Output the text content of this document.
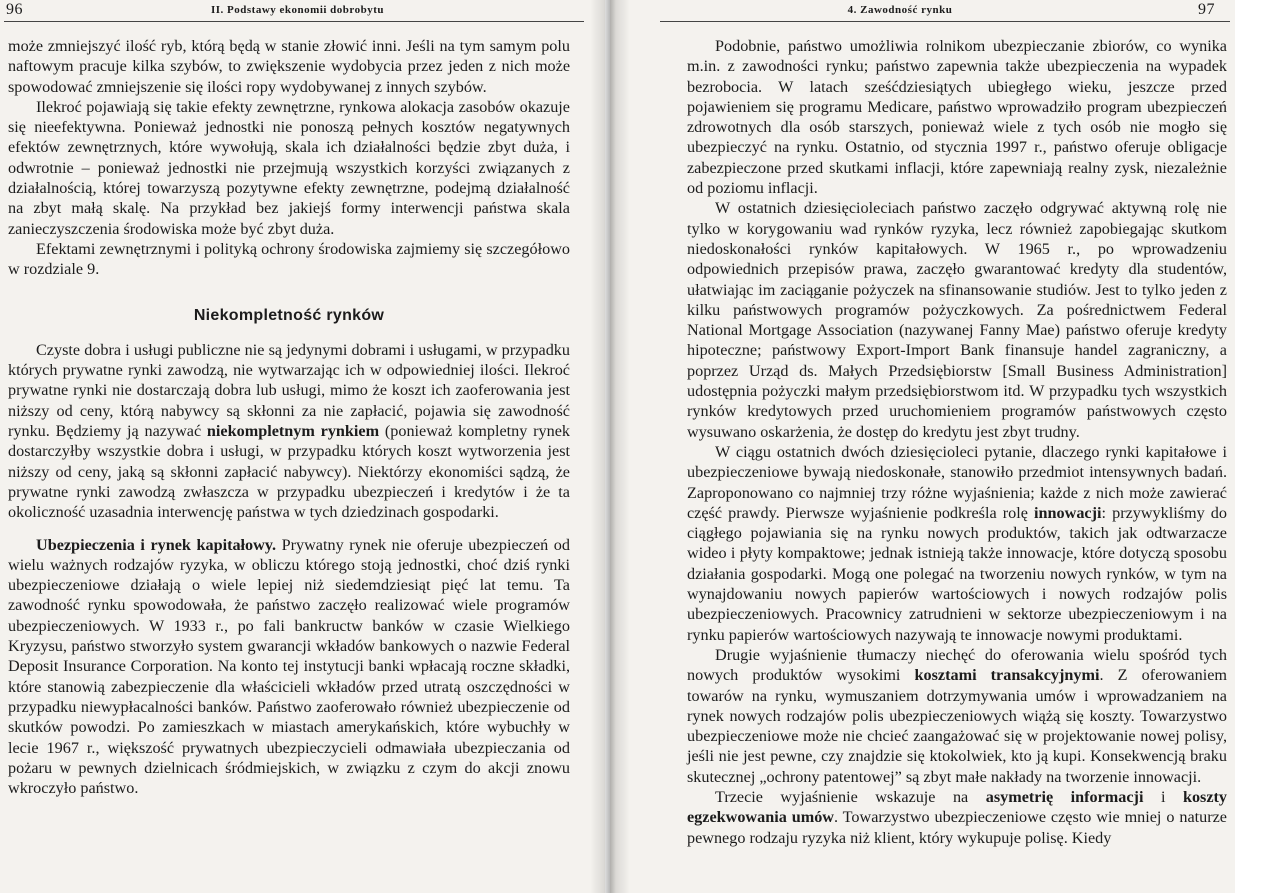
96	II. Podstawy ekonomii dobrobytu

może zmniejszyć ilość ryb, którą będą w stanie złowić inni. Jeśli na tym samym polu naftowym pracuje kilka szybów, to zwiększenie wydobycia przez jeden z nich może spowodować zmniejszenie się ilości ropy wydobywanej z innych szybów.

Ilekroć pojawiają się takie efekty zewnętrzne, rynkowa alokacja zasobów okazuje się nieefektywna. Ponieważ jednostki nie ponoszą pełnych kosztów negatywnych efektów zewnętrznych, które wywołują, skala ich działalności będzie zbyt duża, i odwrotnie – ponieważ jednostki nie przejmują wszystkich korzyści związanych z działalnością, której towarzyszą pozytywne efekty zewnętrzne, podejmą działalność na zbyt małą skalę. Na przykład bez jakiejś formy interwencji państwa skala zanieczyszczenia środowiska może być zbyt duża.

Efektami zewnętrznymi i polityką ochrony środowiska zajmiemy się szczegółowo w rozdziale 9.

Niekompletność rynków

Czyste dobra i usługi publiczne nie są jedynymi dobrami i usługami, w przypadku których prywatne rynki zawodzą, nie wytwarzając ich w odpowiedniej ilości. Ilekroć prywatne rynki nie dostarczają dobra lub usługi, mimo że koszt ich zaoferowania jest niższy od ceny, którą nabywcy są skłonni za nie zapłacić, pojawia się zawodność rynku. Będziemy ją nazywać niekompletnym rynkiem (ponieważ kompletny rynek dostarczyłby wszystkie dobra i usługi, w przypadku których koszt wytworzenia jest niższy od ceny, jaką są skłonni zapłacić nabywcy). Niektórzy ekonomiści sądzą, że prywatne rynki zawodzą zwłaszcza w przypadku ubezpieczeń i kredytów i że ta okoliczność uzasadnia interwencję państwa w tych dziedzinach gospodarki.

Ubezpieczenia i rynek kapitałowy. Prywatny rynek nie oferuje ubezpieczeń od wielu ważnych rodzajów ryzyka, w obliczu którego stoją jednostki, choć dziś rynki ubezpieczeniowe działają o wiele lepiej niż siedemdziesiąt pięć lat temu. Ta zawodność rynku spowodowała, że państwo zaczęło realizować wiele programów ubezpieczeniowych. W 1933 r., po fali bankructw banków w czasie Wielkiego Kryzysu, państwo stworzyło system gwarancji wkładów bankowych o nazwie Federal Deposit Insurance Corporation. Na konto tej instytucji banki wpłacają roczne składki, które stanowią zabezpieczenie dla właścicieli wkładów przed utratą oszczędności w przypadku niewypłacalności banków. Państwo zaoferowało również ubezpieczenie od skutków powodzi. Po zamieszkach w miastach amerykańskich, które wybuchły w lecie 1967 r., większość prywatnych ubezpieczycieli odmawiała ubezpieczania od pożaru w pewnych dzielnicach śródmiejskich, w związku z czym do akcji znowu wkroczyło państwo.

4. Zawodność rynku	97

Podobnie, państwo umożliwia rolnikom ubezpieczanie zbiorów, co wynika m.in. z zawodności rynku; państwo zapewnia także ubezpieczenia na wypadek bezrobocia. W latach sześćdziesiątych ubiegłego wieku, jeszcze przed pojawieniem się programu Medicare, państwo wprowadziło program ubezpieczeń zdrowotnych dla osób starszych, ponieważ wiele z tych osób nie mogło się ubezpieczyć na rynku. Ostatnio, od stycznia 1997 r., państwo oferuje obligacje zabezpieczone przed skutkami inflacji, które zapewniają realny zysk, niezależnie od poziomu inflacji.

W ostatnich dziesięcioleciach państwo zaczęło odgrywać aktywną rolę nie tylko w korygowaniu wad rynków ryzyka, lecz również zapobiegając skutkom niedoskonałości rynków kapitałowych. W 1965 r., po wprowadzeniu odpowiednich przepisów prawa, zaczęło gwarantować kredyty dla studentów, ułatwiając im zaciąganie pożyczek na sfinansowanie studiów. Jest to tylko jeden z kilku państwowych programów pożyczkowych. Za pośrednictwem Federal National Mortgage Association (nazywanej Fanny Mae) państwo oferuje kredyty hipoteczne; państwowy Export-Import Bank finansuje handel zagraniczny, a poprzez Urząd ds. Małych Przedsiębiorstw [Small Business Administration] udostępnia pożyczki małym przedsiębiorstwom itd. W przypadku tych wszystkich rynków kredytowych przed uruchomieniem programów państwowych często wysuwano oskarżenia, że dostęp do kredytu jest zbyt trudny.

W ciągu ostatnich dwóch dziesięcioleci pytanie, dlaczego rynki kapitałowe i ubezpieczeniowe bywają niedoskonałe, stanowiło przedmiot intensywnych badań. Zaproponowano co najmniej trzy różne wyjaśnienia; każde z nich może zawierać część prawdy. Pierwsze wyjaśnienie podkreśla rolę innowacji: przywykliśmy do ciągłego pojawiania się na rynku nowych produktów, takich jak odtwarzacze wideo i płyty kompaktowe; jednak istnieją także innowacje, które dotyczą sposobu działania gospodarki. Mogą one polegać na tworzeniu nowych rynków, w tym na wynajdowaniu nowych papierów wartościowych i nowych rodzajów polis ubezpieczeniowych. Pracownicy zatrudnieni w sektorze ubezpieczeniowym i na rynku papierów wartościowych nazywają te innowacje nowymi produktami.

Drugie wyjaśnienie tłumaczy niechęć do oferowania wielu spośród tych nowych produktów wysokimi kosztami transakcyjnymi. Z oferowaniem towarów na rynku, wymuszaniem dotrzymywania umów i wprowadzaniem na rynek nowych rodzajów polis ubezpieczeniowych wiążą się koszty. Towarzystwo ubezpieczeniowe może nie chcieć zaangażować się w projektowanie nowej polisy, jeśli nie jest pewne, czy znajdzie się ktokolwiek, kto ją kupi. Konsekwencją braku skutecznej „ochrony patentowej” są zbyt małe nakłady na tworzenie innowacji.

Trzecie wyjaśnienie wskazuje na asymetrię informacji i koszty egzekwowania umów. Towarzystwo ubezpieczeniowe często wie mniej o naturze pewnego rodzaju ryzyka niż klient, który wykupuje polisę. Kiedy
